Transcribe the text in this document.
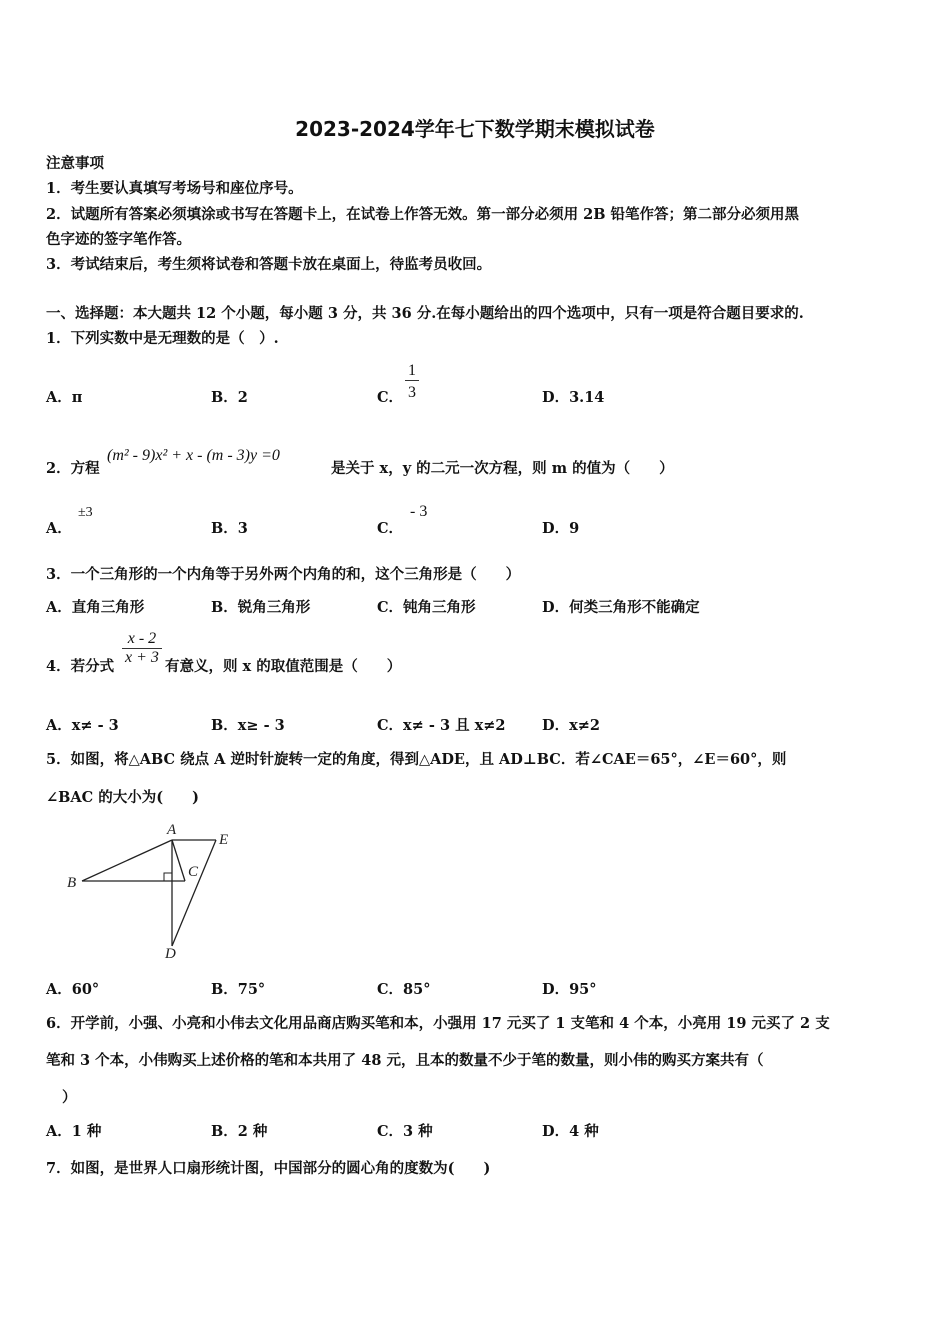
2023-2024学年七下数学期末模拟试卷
注意事项
1．考生要认真填写考场号和座位序号。
2．试题所有答案必须填涂或书写在答题卡上，在试卷上作答无效。第一部分必须用 2B 铅笔作答；第二部分必须用黑
色字迹的签字笔作答。
3．考试结束后，考生须将试卷和答题卡放在桌面上，待监考员收回。
一、选择题：本大题共 12 个小题，每小题 3 分，共 36 分.在每小题给出的四个选项中，只有一项是符合题目要求的.
1．下列实数中是无理数的是（　）.
A．π	B．2	C． $\frac{1}{3}$	D．3.14
2．方程
(m² - 9)x² + x - (m - 3)y =0
是关于 x，y 的二元一次方程，则 m 的值为（　　）
A．
±3
B．3	C．
- 3
D．9
3．一个三角形的一个内角等于另外两个内角的和，这个三角形是（　　）
A．直角三角形	B．锐角三角形	C．钝角三角形	D．何类三角形不能确定
4．若分式
$\frac{x - 2}{x + 3}$
有意义，则 x 的取值范围是（　　）
A．x≠ - 3	B．x≥ - 3	C．x≠ - 3 且 x≠2	D．x≠2
5．如图，将△ABC 绕点 A 逆时针旋转一定的角度，得到△ADE，且 AD⊥BC．若∠CAE＝65°，∠E＝60°，则
∠BAC 的大小为(　　)
A
E
B
C
D
A．60°	B．75°	C．85°	D．95°
6．开学前，小强、小亮和小伟去文化用品商店购买笔和本，小强用 17 元买了 1 支笔和 4 个本，小亮用 19 元买了 2 支
笔和 3 个本，小伟购买上述价格的笔和本共用了 48 元，且本的数量不少于笔的数量，则小伟的购买方案共有（
）
A．1 种	B．2 种	C．3 种	D．4 种
7．如图，是世界人口扇形统计图，中国部分的圆心角的度数为(　　)
